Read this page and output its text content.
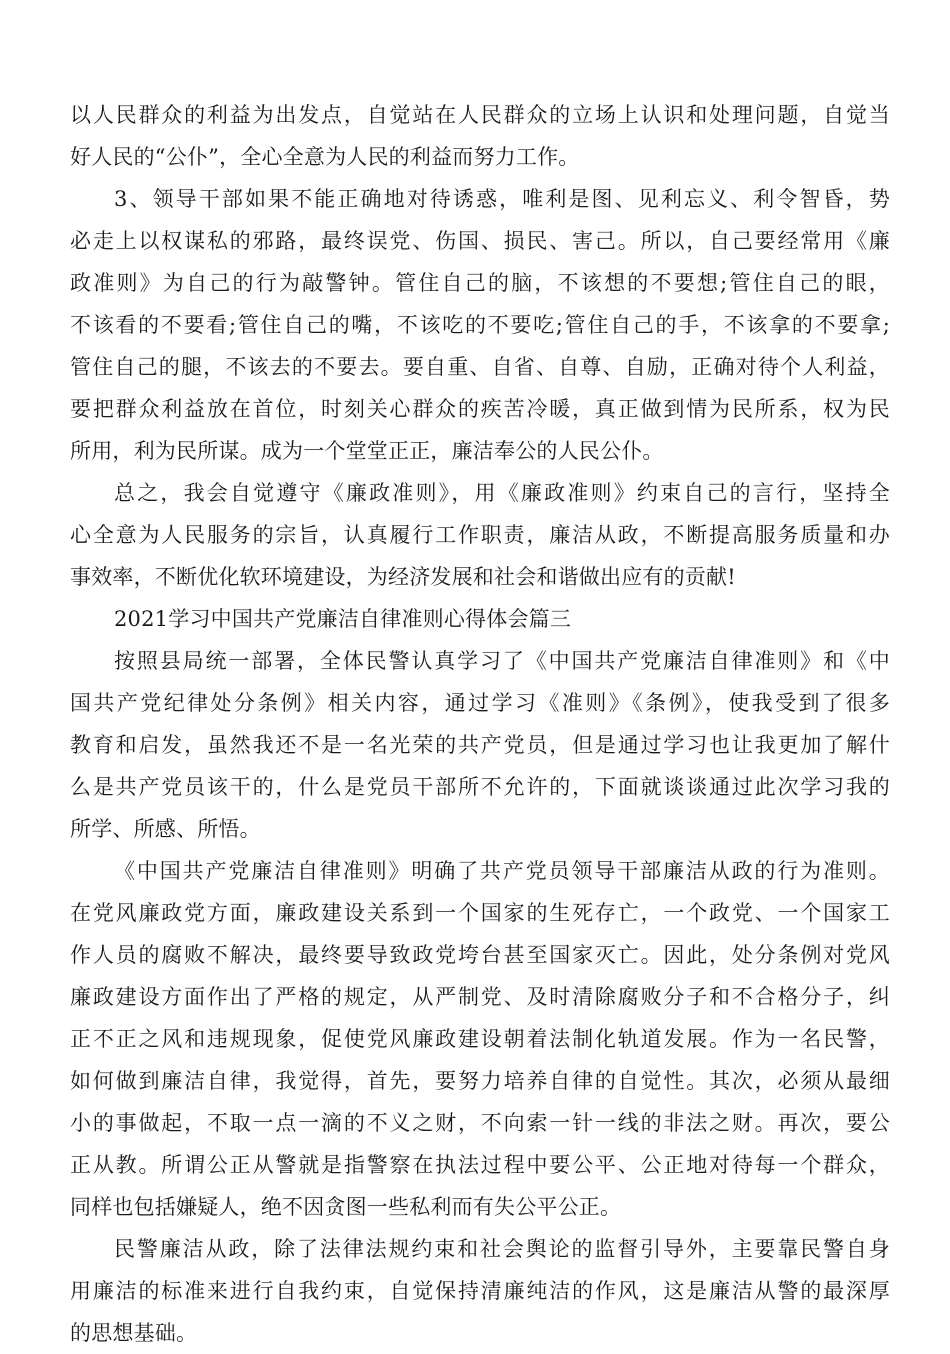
以人民群众的利益为出发点，自觉站在人民群众的立场上认识和处理问题，自觉当
好人民的“公仆”，全心全意为人民的利益而努力工作。
3、领导干部如果不能正确地对待诱惑，唯利是图、见利忘义、利令智昏，势
必走上以权谋私的邪路，最终误党、伤国、损民、害己。所以，自己要经常用《廉
政准则》为自己的行为敲警钟。管住自己的脑，不该想的不要想;管住自己的眼，
不该看的不要看;管住自己的嘴，不该吃的不要吃;管住自己的手，不该拿的不要拿;
管住自己的腿，不该去的不要去。要自重、自省、自尊、自励，正确对待个人利益，
要把群众利益放在首位，时刻关心群众的疾苦冷暖，真正做到情为民所系，权为民
所用，利为民所谋。成为一个堂堂正正，廉洁奉公的人民公仆。
总之，我会自觉遵守《廉政准则》，用《廉政准则》约束自己的言行，坚持全
心全意为人民服务的宗旨，认真履行工作职责，廉洁从政，不断提高服务质量和办
事效率，不断优化软环境建设，为经济发展和社会和谐做出应有的贡献!
2021学习中国共产党廉洁自律准则心得体会篇三
按照县局统一部署，全体民警认真学习了《中国共产党廉洁自律准则》和《中
国共产党纪律处分条例》相关内容，通过学习《准则》《条例》，使我受到了很多
教育和启发，虽然我还不是一名光荣的共产党员，但是通过学习也让我更加了解什
么是共产党员该干的，什么是党员干部所不允许的，下面就谈谈通过此次学习我的
所学、所感、所悟。
《中国共产党廉洁自律准则》明确了共产党员领导干部廉洁从政的行为准则。
在党风廉政党方面，廉政建设关系到一个国家的生死存亡，一个政党、一个国家工
作人员的腐败不解决，最终要导致政党垮台甚至国家灭亡。因此，处分条例对党风
廉政建设方面作出了严格的规定，从严制党、及时清除腐败分子和不合格分子，纠
正不正之风和违规现象，促使党风廉政建设朝着法制化轨道发展。作为一名民警，
如何做到廉洁自律，我觉得，首先，要努力培养自律的自觉性。其次，必须从最细
小的事做起，不取一点一滴的不义之财，不向索一针一线的非法之财。再次，要公
正从教。所谓公正从警就是指警察在执法过程中要公平、公正地对待每一个群众，
同样也包括嫌疑人，绝不因贪图一些私利而有失公平公正。
民警廉洁从政，除了法律法规约束和社会舆论的监督引导外，主要靠民警自身
用廉洁的标准来进行自我约束，自觉保持清廉纯洁的作风，这是廉洁从警的最深厚
的思想基础。
